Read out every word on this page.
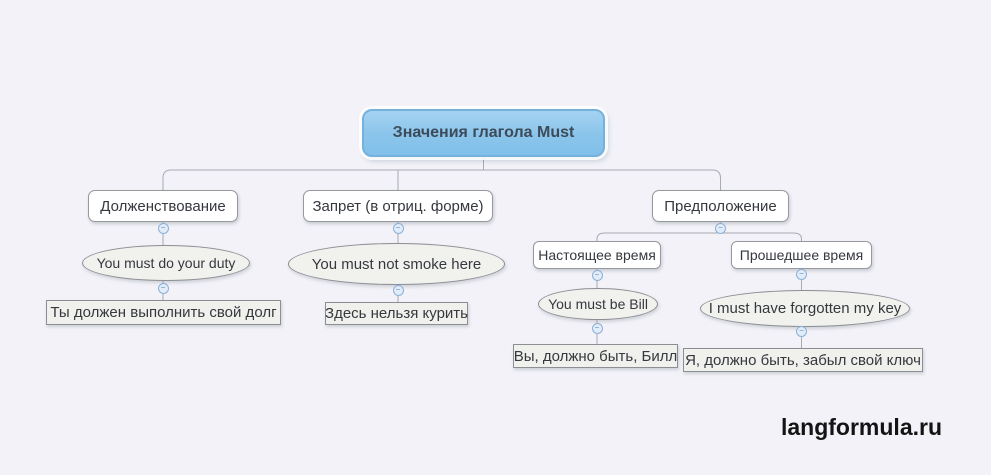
Значения глагола Must
Долженствование	Запрет (в отриц. форме)	Предположение
Настоящее время	Прошедшее время
You must do your duty	You must not smoke here
You must be Bill	I must have forgotten my key
Ты должен выполнить свой долг	Здесь нельзя курить
Вы, должно быть, Билл Я, должно быть, забыл свой ключ
−	−	−
−	−
−	−
−	−
langformula.ru
